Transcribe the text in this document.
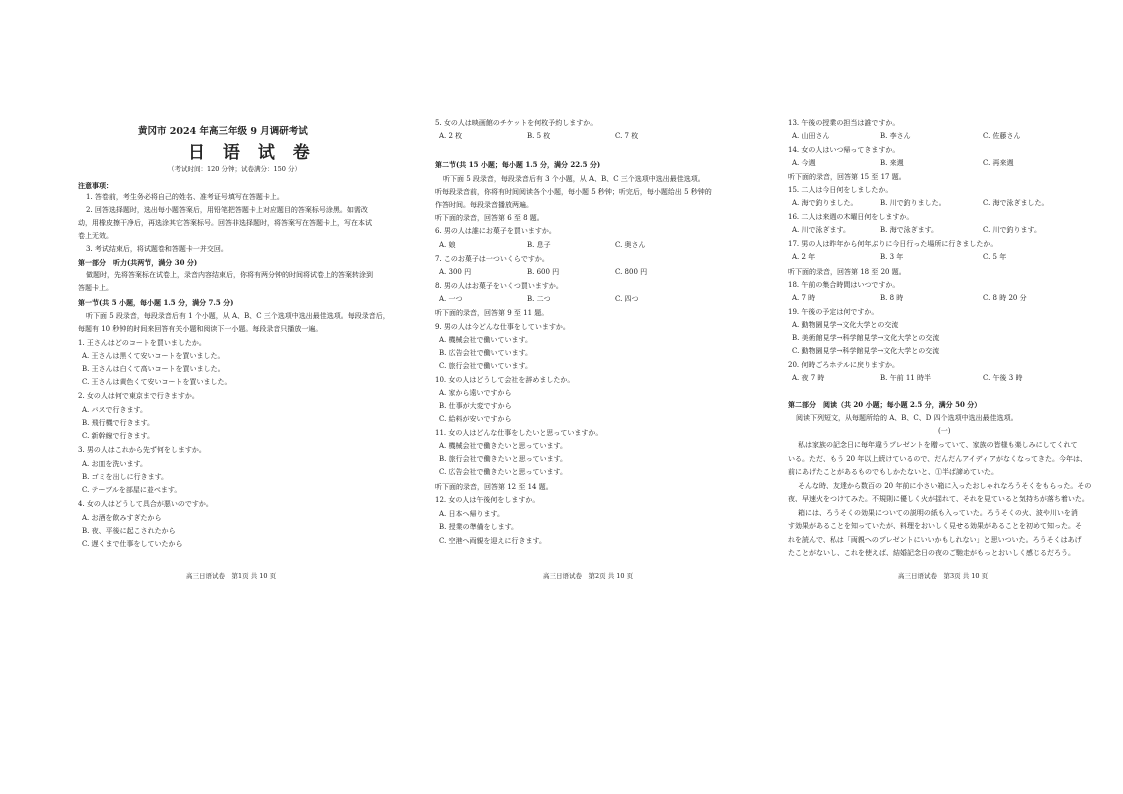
黄冈市 2024 年高三年级 9 月调研考试
日 语 试 卷
（考试时间：120 分钟；试卷满分：150 分）
注意事项：
1. 答卷前，考生务必将自己的姓名、准考证号填写在答题卡上。
2. 回答选择题时，选出每小题答案后，用铅笔把答题卡上对应题目的答案标号涂黑。如需改
动，用橡皮擦干净后，再选涂其它答案标号。回答非选择题时，将答案写在答题卡上，写在本试
卷上无效。
3. 考试结束后，将试题卷和答题卡一并交回。
第一部分　听力(共两节，满分 30 分)
做题时，先将答案标在试卷上，录音内容结束后，你将有两分钟的时间将试卷上的答案转涂到
答题卡上。
第一节(共 5 小题，每小题 1.5 分，满分 7.5 分)
听下面 5 段录音，每段录音后有 1 个小题，从 A、B、C 三个选项中选出最佳选项。每段录音后，
每题有 10 秒钟的时间来回答有关小题和阅读下一小题。每段录音只播放一遍。
1. 王さんはどのコートを買いましたか。
A. 王さんは黒くて安いコートを買いました。
B. 王さんは白くて高いコートを買いました。
C. 王さんは黄色くて安いコートを買いました。
2. 女の人は何で東京まで行きますか。
A. バスで行きます。
B. 飛行機で行きます。
C. 新幹線で行きます。
3. 男の人はこれから先ず何をしますか。
A. お皿を洗います。
B. ゴミを出しに行きます。
C. テーブルを部屋に並べます。
4. 女の人はどうして具合が悪いのですか。
A. お酒を飲みすぎたから
B. 夜、平後に起こされたから
C. 遅くまで仕事をしていたから
高三日语试卷　第1页 共 10 页
5. 女の人は映画館のチケットを何枚予約しますか。
A. 2 枚	B. 5 枚	C. 7 枚
第二节(共 15 小题；每小题 1.5 分，满分 22.5 分)
听下面 5 段录音，每段录音后有 3 个小题，从 A、B、C 三个选项中选出最佳选项。
听每段录音前，你将有时间阅读各个小题，每小题 5 秒钟；听完后，每小题给出 5 秒钟的
作答时间。每段录音播放两遍。
听下面的录音，回答第 6 至 8 题。
6. 男の人は誰にお菓子を買いますか。
A. 娘	B. 息子	C. 奥さん
7. このお菓子は一ついくらですか。
A. 300 円	B. 600 円	C. 800 円
8. 男の人はお菓子をいくつ買いますか。
A. 一つ	B. 二つ	C. 四つ
听下面的录音，回答第 9 至 11 题。
9. 男の人は今どんな仕事をしていますか。
A. 機械会社で働いています。
B. 広告会社で働いています。
C. 旅行会社で働いています。
10. 女の人はどうして会社を辞めましたか。
A. 家から遠いですから
B. 仕事が大変ですから
C. 給料が安いですから
11. 女の人はどんな仕事をしたいと思っていますか。
A. 機械会社で働きたいと思っています。
B. 旅行会社で働きたいと思っています。
C. 広告会社で働きたいと思っています。
听下面的录音，回答第 12 至 14 题。
12. 女の人は午後何をしますか。
A. 日本へ帰ります。
B. 授業の準備をします。
C. 空港へ両親を迎えに行きます。
高三日语试卷　第2页 共 10 页
13. 午後の授業の担当は誰ですか。
A. 山田さん	B. 李さん	C. 佐藤さん
14. 女の人はいつ帰ってきますか。
A. 今週	B. 来週	C. 再来週
听下面的录音，回答第 15 至 17 题。
15. 二人は今日何をしましたか。
A. 海で釣りました。	B. 川で釣りました。	C. 海で泳ぎました。
16. 二人は来週の木曜日何をしますか。
A. 川で泳ぎます。	B. 海で泳ぎます。	C. 川で釣ります。
17. 男の人は昨年から何年ぶりに今日行った場所に行きましたか。
A. 2 年	B. 3 年	C. 5 年
听下面的录音，回答第 18 至 20 题。
18. 午前の集合時間はいつですか。
A. 7 時	B. 8 時	C. 8 時 20 分
19. 午後の予定は何ですか。
A. 動物園見学→文化大学との交流
B. 美術館見学→科学館見学→文化大学との交流
C. 動物園見学→科学館見学→文化大学との交流
20. 何時ごろホテルに戻りますか。
A. 夜 7 時	B. 午前 11 時半	C. 午後 3 時
第二部分　阅读（共 20 小题；每小题 2.5 分，满分 50 分）
阅读下列短文，从每题所给的 A、B、C、D 四个选项中选出最佳选项。
(一)
私は家族の記念日に毎年違うプレゼントを贈っていて、家族の皆様も楽しみにしてくれて
いる。ただ、もう 20 年以上続けているので、だんだんアイディアがなくなってきた。今年は、
前にあげたことがあるものでもしかたないと、①半ば諦めていた。
そんな時、友達から数百の 20 年前に小さい箱に入ったおしゃれなろうそくをもらった。その
夜、早速火をつけてみた。不規則に優しく火が揺れて、それを見ていると気持ちが落ち着いた。
箱には、ろうそくの効果についての説明の紙も入っていた。ろうそくの火、波や川いを消
す効果があることを知っていたが、料理をおいしく見せる効果があることを初めて知った。そ
れを読んで、私は「両親へのプレゼントにいいかもしれない」と思いついた。ろうそくはあげ
たことがないし、これを使えば、結婚記念日の夜のご馳走がもっとおいしく感じるだろう。
高三日语试卷　第3页 共 10 页
